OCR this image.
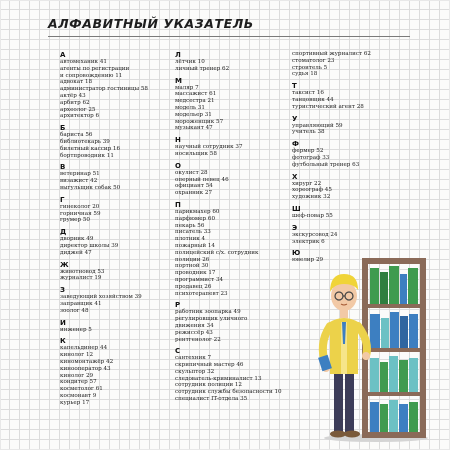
АЛФАВИТНЫЙ УКАЗАТЕЛЬ
А
автомеханик 41
агенты по регистрации
и сопровождению 11
адвокат 18
администратор гостиницы 58
актёр 43
арбитр 62
археолог 25
архитектор 6
Б
бариста 56
библиотекарь 39
билетный кассир 16
бортпроводник 11
В
ветеринар 51
визажист 42
выгульщик собак 50
Г
гинеколог 20
горничная 59
грумер 50
Д
дворник 49
директор школы 39
диджей 47
Ж
животновод 53
журналист 19
З
заведующий хозяйством 39
заправщик 41
зоолог 48
И
инженер 5
К
капельдинер 44
кинолог 12
киномонтажёр 42
кинооператор 43
кинолог 29
кондитер 57
косметолог 61
космонавт 9
курьер 17
Л
лётчик 10
личный тренер 62
М
маляр 7
массажист 61
медсестра 21
модель 31
модельер 31
мороженщик 57
музыкант 47
Н
научный сотрудник 37
носильщик 58
О
окулист 28
оперный певец 46
официант 54
охранник 27
П
парикмахер 60
парфюмер 60
пекарь 56
писатель 33
плотник 4
пожарный 14
полицейский с/х. сотрудник
полиции 26
портной 30
проводник 17
программист 34
продавец 26
психотерапевт 23
Р
работник зоопарка 49
регулировщик уличного
движения 34
режиссёр 43
рентгенолог 22
С
сантехник 7
скрипичный мастер 46
скульптор 32
следователь-криминалист 13
сотрудник полиции 12
сотрудник службы безопасности 10
специалист IT-отдела 35
спортивный журналист 62
стоматолог 23
строитель 5
судья 18
Т
таксист 16
танцовщик 44
туристический агент 28
У
управляющий 59
учитель 38
Ф
фермер 52
фотограф 33
футбольный тренер 63
Х
хирург 22
хореограф 45
художник 32
Ш
шеф-повар 55
Э
экскурсовод 24
электрик 6
Ю
ювелир 29
